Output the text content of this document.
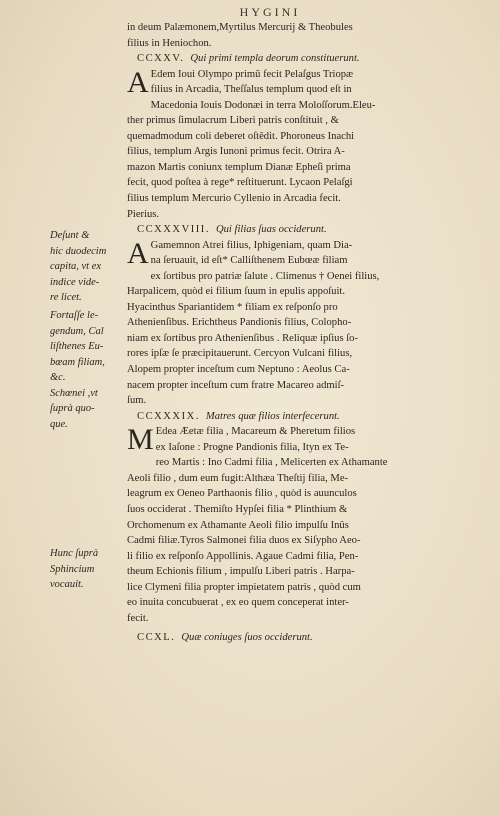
HYGINI
Deſunt &
hic duodecim
capita, vt ex
indice vide-
re licet.
Fortaſſe le-
gendum, Cal
liſthenes Eu-
bœam filiam,
&c.
Schœnei ,vt
ſuprà quo-
que.
Hunc ſuprà
Sphincium
vocauit.
in deum Palæmonem,Myrtilus Mercurij & Theobules
filius in Heniochon.
CCXXV. Qui primi templa deorum constituerunt.
A Edem Ioui Olympo primũ fecit Pelaſgus Triopæ
filius in Arcadia, Theſſalus templum quod eſt in
Macedonia Iouis Dodonæi in terra Moloſſorum.Eleu-
ther primus ſimulacrum Liberi patris conſtituit , &
quemadmodum coli deberet oſtēdit. Phoroneus Inachi
filius, templum Argis Iunoni primus fecit. Otrira A-
mazon Martis coniunx templum Dianæ Epheſi prima
fecit, quod poſtea à rege* reſtituerunt. Lycaon Pelaſgi
filius templum Mercurio Cyllenio in Arcadia fecit.
Pierius.
CCXXXVIII. Qui filias ſuas occiderunt.
A Gamemnon Atrei filius, Iphigeniam, quam Dia-
na ſeruauit, id eſt* Calliſthenem Eubœæ filiam
ex ſortibus pro patriæ ſalute . Climenus † Oenei filius,
Harpalicem, quòd ei filium ſuum in epulis appoſuit.
Hyacinthus Spariantidem * filiam ex reſponſo pro
Athenienſibus. Erichtheus Pandionis filius, Colopho-
niam ex ſortibus pro Athenienſibus . Reliquæ ipſius ſo-
rores ipſæ ſe præcipitauerunt. Cercyon Vulcani filius,
Alopem propter inceſtum cum Neptuno : Aeolus Ca-
nacem propter inceſtum cum fratre Macareo admiſ-
ſum.
CCXXXIX. Matres quæ filios interfecerunt.
M Edea Æetæ filia , Macareum & Pheretum filios
ex Iaſone : Progne Pandionis filia, Ityn ex Te-
reo Martis : Ino Cadmi filia , Melicerten ex Athamante
Aeoli filio , dum eum fugit:Althæa Theſtij filia, Me-
leagrum ex Oeneo Parthaonis filio , quòd is auunculos
ſuos occiderat . Themiſto Hypſei filia * Plinthium &
Orchomenum ex Athamante Aeoli filio impulſu Inûs
Cadmi filiæ.Tyros Salmonei filia duos ex Siſypho Aeo-
li filio ex reſponſo Appollinis. Agaue Cadmi filia, Pen-
theum Echionis filium , impulſu Liberi patris . Harpa-
lice Clymeni filia propter impietatem patris , quòd cum
eo inuita concubuerat , ex eo quem conceperat inter-
fecit.
CCXL. Quæ coniuges ſuos occiderunt.
